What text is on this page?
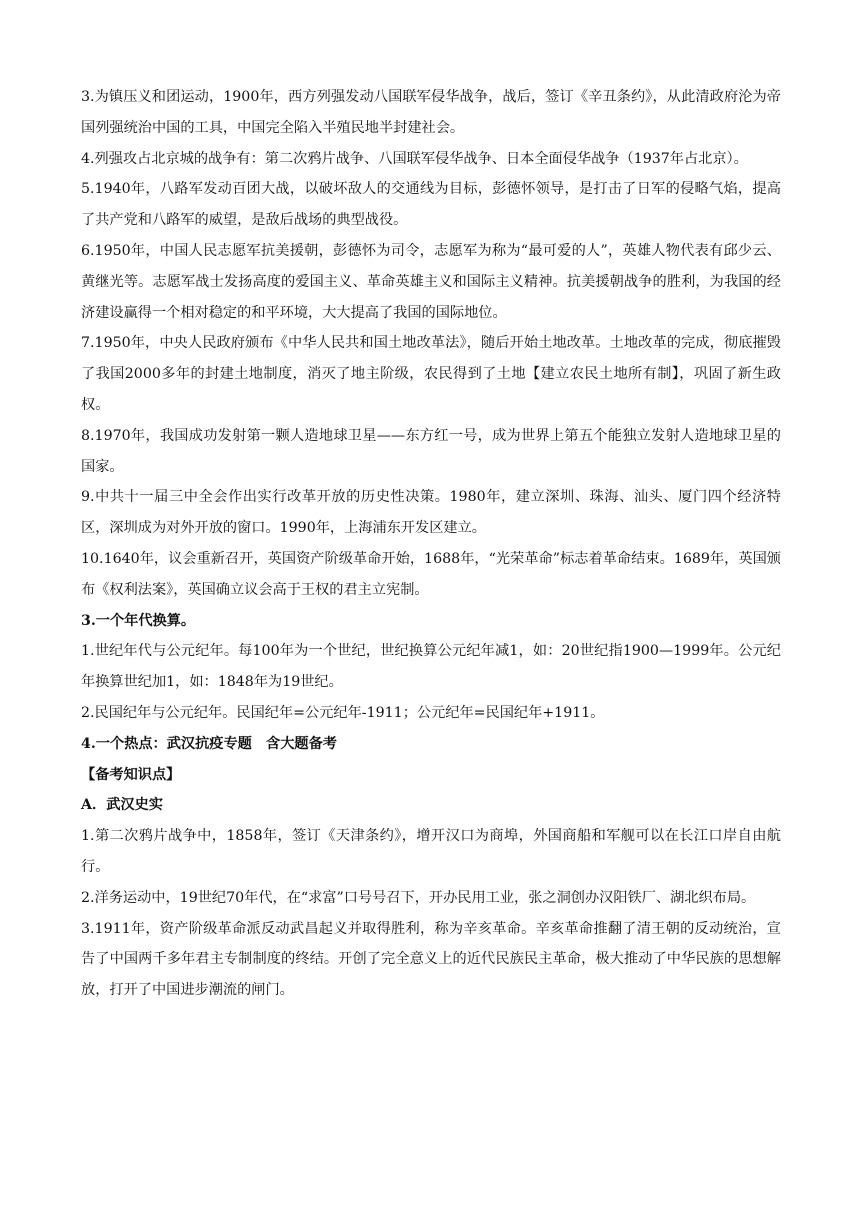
3.为镇压义和团运动，1900年，西方列强发动八国联军侵华战争，战后，签订《辛丑条约》，从此清政府沦为帝国列强统治中国的工具，中国完全陷入半殖民地半封建社会。

4.列强攻占北京城的战争有：第二次鸦片战争、八国联军侵华战争、日本全面侵华战争（1937年占北京）。

5.1940年，八路军发动百团大战，以破坏敌人的交通线为目标，彭德怀领导，是打击了日军的侵略气焰，提高了共产党和八路军的威望，是敌后战场的典型战役。

6.1950年，中国人民志愿军抗美援朝，彭德怀为司令，志愿军为称为“最可爱的人”，英雄人物代表有邱少云、黄继光等。志愿军战士发扬高度的爱国主义、革命英雄主义和国际主义精神。抗美援朝战争的胜利，为我国的经济建设赢得一个相对稳定的和平环境，大大提高了我国的国际地位。

7.1950年，中央人民政府颁布《中华人民共和国土地改革法》，随后开始土地改革。土地改革的完成，彻底摧毁了我国2000多年的封建土地制度，消灭了地主阶级，农民得到了土地【建立农民土地所有制】，巩固了新生政权。

8.1970年，我国成功发射第一颗人造地球卫星——东方红一号，成为世界上第五个能独立发射人造地球卫星的国家。

9.中共十一届三中全会作出实行改革开放的历史性决策。1980年，建立深圳、珠海、汕头、厦门四个经济特区，深圳成为对外开放的窗口。1990年，上海浦东开发区建立。

10.1640年，议会重新召开，英国资产阶级革命开始，1688年，“光荣革命”标志着革命结束。1689年，英国颁布《权利法案》，英国确立议会高于王权的君主立宪制。

3.一个年代换算。

1.世纪年代与公元纪年。每100年为一个世纪，世纪换算公元纪年减1，如：20世纪指1900—1999年。公元纪年换算世纪加1，如：1848年为19世纪。

2.民国纪年与公元纪年。民国纪年=公元纪年-1911；公元纪年=民国纪年+1911。

4.一个热点：武汉抗疫专题　含大题备考

【备考知识点】

A．武汉史实

1.第二次鸦片战争中，1858年，签订《天津条约》，增开汉口为商埠，外国商船和军舰可以在长江口岸自由航行。

2.洋务运动中，19世纪70年代，在“求富”口号号召下，开办民用工业，张之洞创办汉阳铁厂、湖北织布局。

3.1911年，资产阶级革命派反动武昌起义并取得胜利，称为辛亥革命。辛亥革命推翻了清王朝的反动统治，宣告了中国两千多年君主专制制度的终结。开创了完全意义上的近代民族民主革命，极大推动了中华民族的思想解放，打开了中国进步潮流的闸门。
